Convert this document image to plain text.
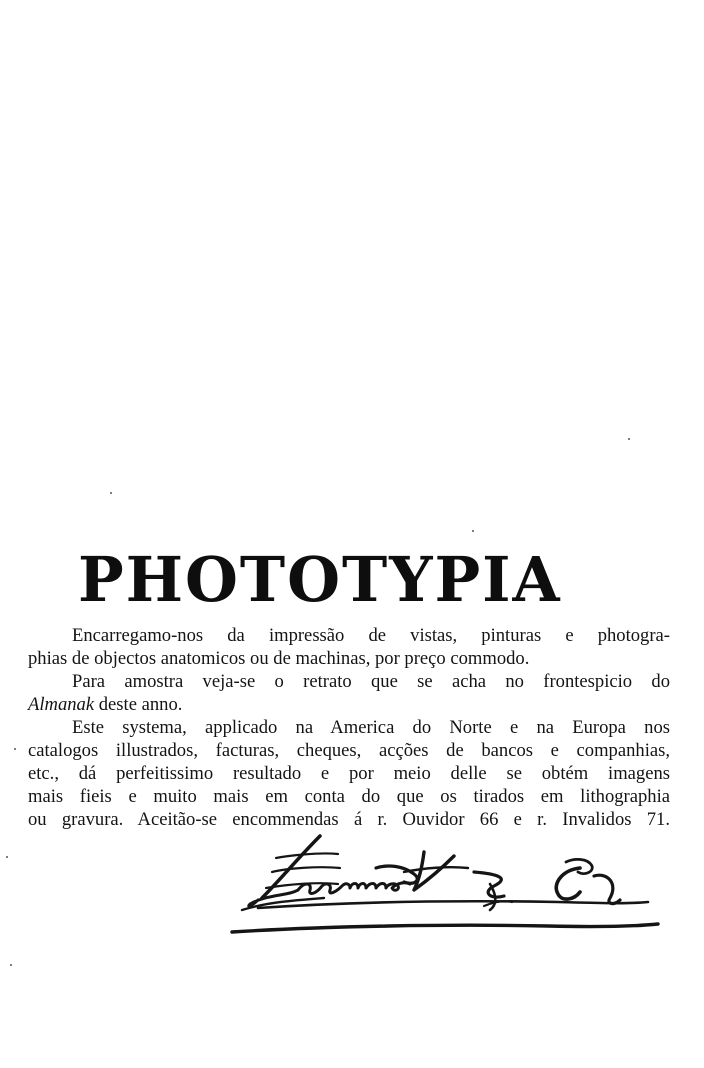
PHOTOTYPIA

Encarregamo-nos da impressão de vistas, pinturas e photogra-
phias de objectos anatomicos ou de machinas, por preço commodo.

Para amostra veja-se o retrato que se acha no frontespicio do
Almanak deste anno.

Este systema, applicado na America do Norte e na Europa nos
catalogos illustrados, facturas, cheques, acções de bancos e companhias,
etc., dá perfeitissimo resultado e por meio delle se obtém imagens
mais fieis e muito mais em conta do que os tirados em lithographia
ou gravura. Aceitão-se encommendas á r. Ouvidor 66 e r. Invalidos 71.
